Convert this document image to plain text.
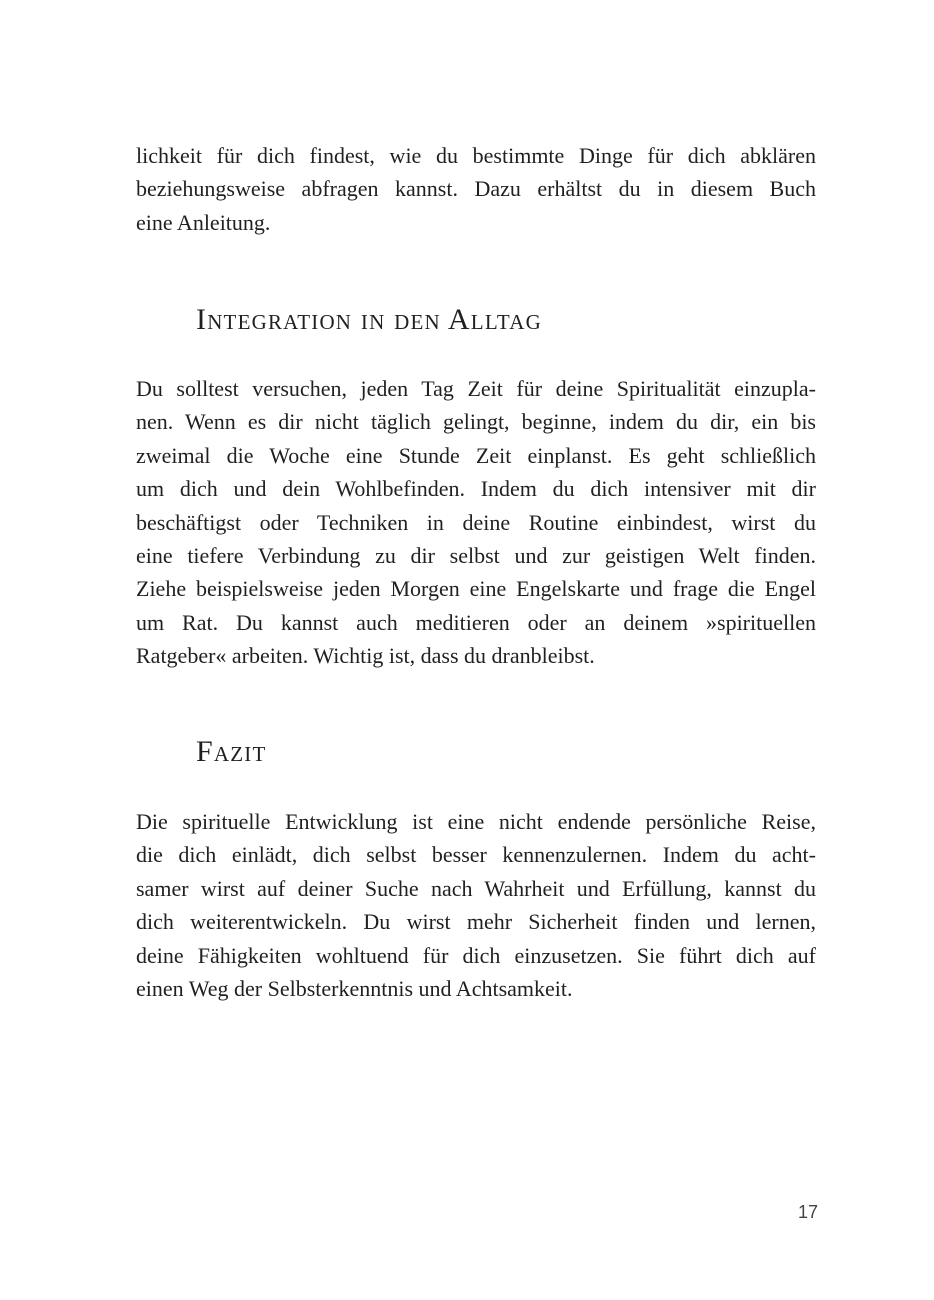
lichkeit für dich findest, wie du bestimmte Dinge für dich abklären
beziehungsweise abfragen kannst. Dazu erhältst du in diesem Buch
eine Anleitung.

Integration in den Alltag

Du solltest versuchen, jeden Tag Zeit für deine Spiritualität einzupla-
nen. Wenn es dir nicht täglich gelingt, beginne, indem du dir, ein bis
zweimal die Woche eine Stunde Zeit einplanst. Es geht schließlich
um dich und dein Wohlbefinden. Indem du dich intensiver mit dir
beschäftigst oder Techniken in deine Routine einbindest, wirst du
eine tiefere Verbindung zu dir selbst und zur geistigen Welt finden.
Ziehe beispielsweise jeden Morgen eine Engelskarte und frage die Engel
um Rat. Du kannst auch meditieren oder an deinem »spirituellen
Ratgeber« arbeiten. Wichtig ist, dass du dranbleibst.

Fazit

Die spirituelle Entwicklung ist eine nicht endende persönliche Reise,
die dich einlädt, dich selbst besser kennenzulernen. Indem du acht-
samer wirst auf deiner Suche nach Wahrheit und Erfüllung, kannst du
dich weiterentwickeln. Du wirst mehr Sicherheit finden und lernen,
deine Fähigkeiten wohltuend für dich einzusetzen. Sie führt dich auf
einen Weg der Selbsterkenntnis und Achtsamkeit.

17
